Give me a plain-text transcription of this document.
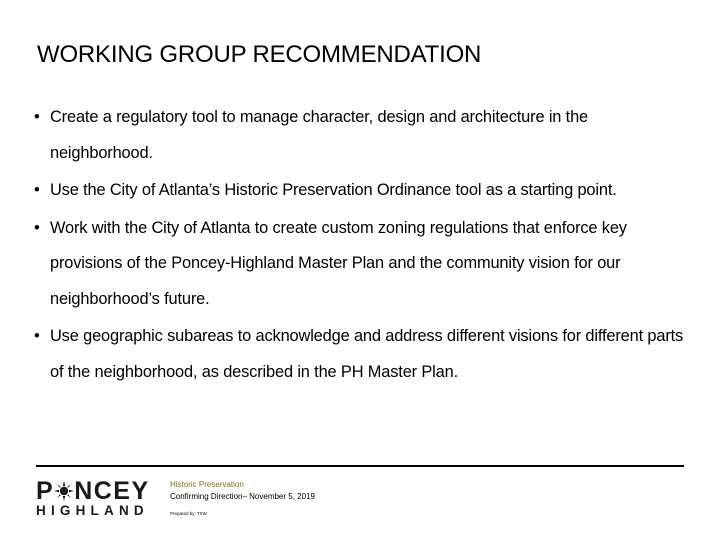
WORKING GROUP RECOMMENDATION
• Create a regulatory tool to manage character, design and architecture in the neighborhood.
• Use the City of Atlanta’s Historic Preservation Ordinance tool as a starting point.
• Work with the City of Atlanta to create custom zoning regulations that enforce key provisions of the Poncey-Highland Master Plan and the community vision for our neighborhood’s future.
• Use geographic subareas to acknowledge and address different visions for different parts of the neighborhood, as described in the PH Master Plan.
P NCEY
HIGHLAND
Historic Preservation
Confirming Direction– November 5, 2019
Prepared by: TSW
